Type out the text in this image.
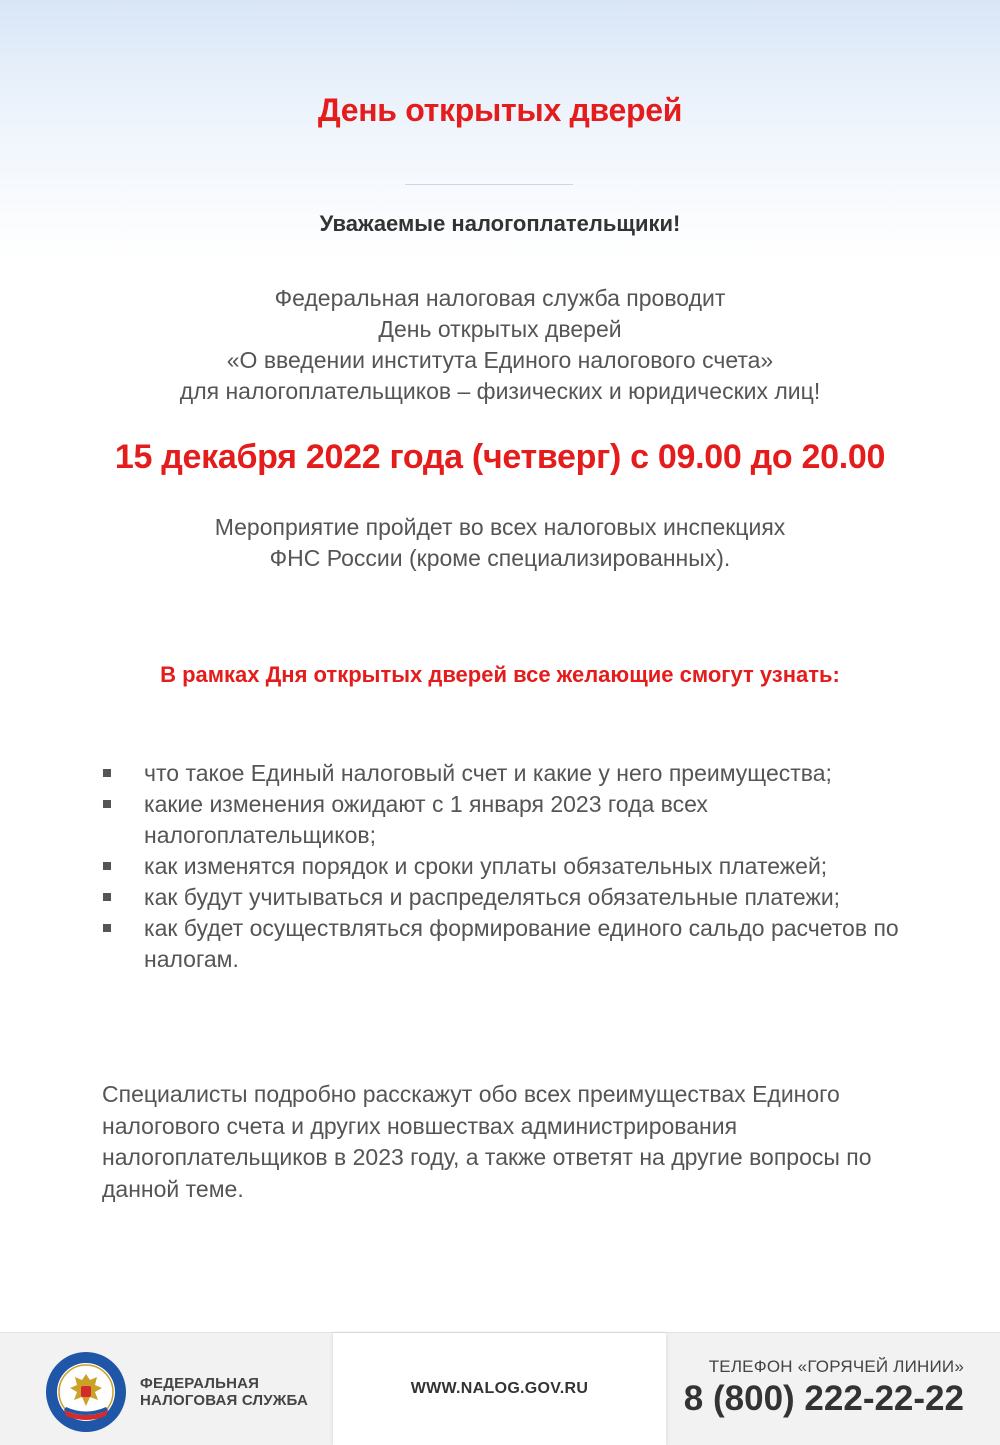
День открытых дверей
Уважаемые налогоплательщики!
Федеральная налоговая служба проводит
День открытых дверей
«О введении института Единого налогового счета»
для налогоплательщиков – физических и юридических лиц!
15 декабря 2022 года (четверг) с 09.00 до 20.00
Мероприятие пройдет во всех налоговых инспекциях
ФНС России (кроме специализированных).
В рамках Дня открытых дверей все желающие смогут узнать:
что такое Единый налоговый счет и какие у него преимущества;
какие изменения ожидают с 1 января 2023 года всех налогоплательщиков;
как изменятся порядок и сроки уплаты обязательных платежей;
как будут учитываться и распределяться обязательные платежи;
как будет осуществляться формирование единого сальдо расчетов по налогам.
Специалисты подробно расскажут обо всех преимуществах Единого налогового счета и других новшествах администрирования налогоплательщиков в 2023 году, а также ответят на другие вопросы по данной теме.
ФЕДЕРАЛЬНАЯ
НАЛОГОВАЯ СЛУЖБА
WWW.NALOG.GOV.RU
ТЕЛЕФОН «ГОРЯЧЕЙ ЛИНИИ»
8 (800) 222-22-22
